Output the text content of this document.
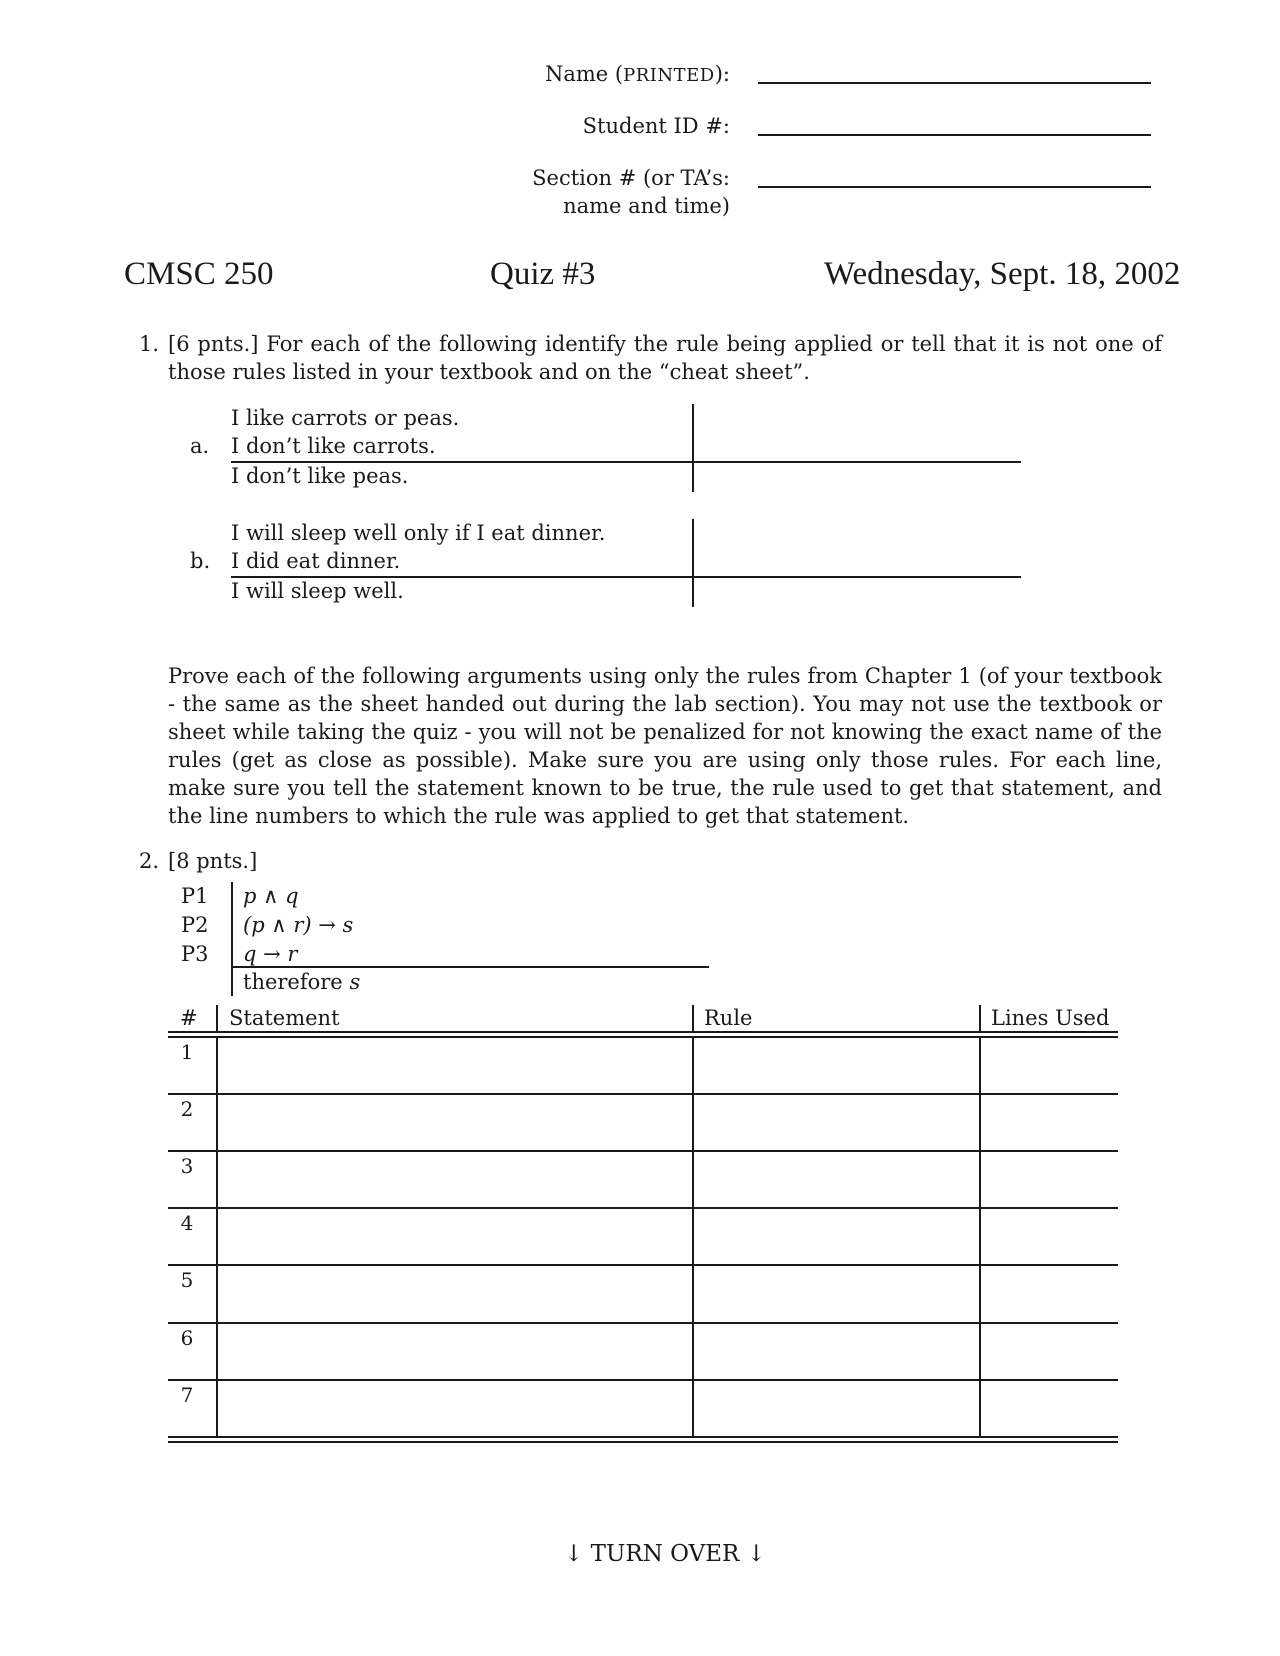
Name (PRINTED):
Student ID #:
Section # (or TA’s:
name and time)
CMSC 250	Quiz #3	Wednesday, Sept. 18, 2002
1. [6 pnts.] For each of the following identify the rule being applied or tell that it is not one of those rules listed in your textbook and on the “cheat sheet”.
I like carrots or peas.
a. I don’t like carrots.
I don’t like peas.
I will sleep well only if I eat dinner.
b. I did eat dinner.
I will sleep well.
Prove each of the following arguments using only the rules from Chapter 1 (of your textbook - the same as the sheet handed out during the lab section). You may not use the textbook or sheet while taking the quiz - you will not be penalized for not knowing the exact name of the rules (get as close as possible). Make sure you are using only those rules. For each line, make sure you tell the statement known to be true, the rule used to get that statement, and the line numbers to which the rule was applied to get that statement.
2. [8 pnts.]
P1 p ∧ q
P2 (p ∧ r) → s
P3 q → r
therefore s
# Statement	Rule	Lines Used
1
2
3
4
5
6
7
↓ TURN OVER ↓
